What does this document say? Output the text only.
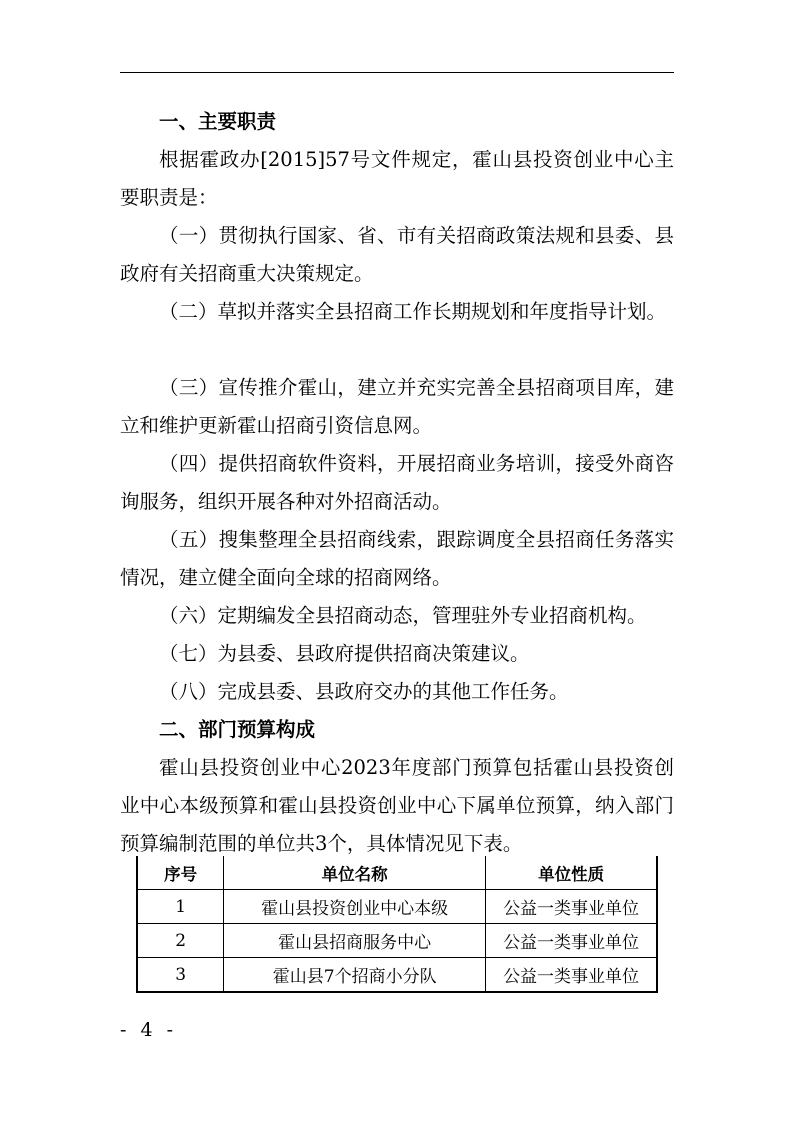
一、主要职责

根据霍政办[2015]57号文件规定，霍山县投资创业中心主要职责是：

（一）贯彻执行国家、省、市有关招商政策法规和县委、县政府有关招商重大决策规定。

（二）草拟并落实全县招商工作长期规划和年度指导计划。

（三）宣传推介霍山，建立并充实完善全县招商项目库，建立和维护更新霍山招商引资信息网。

（四）提供招商软件资料，开展招商业务培训，接受外商咨询服务，组织开展各种对外招商活动。

（五）搜集整理全县招商线索，跟踪调度全县招商任务落实情况，建立健全面向全球的招商网络。

（六）定期编发全县招商动态，管理驻外专业招商机构。

（七）为县委、县政府提供招商决策建议。

（八）完成县委、县政府交办的其他工作任务。

二、部门预算构成

霍山县投资创业中心2023年度部门预算包括霍山县投资创业中心本级预算和霍山县投资创业中心下属单位预算，纳入部门预算编制范围的单位共3个，具体情况见下表。

序号	单位名称	单位性质
1	霍山县投资创业中心本级	公益一类事业单位
2	霍山县招商服务中心	公益一类事业单位
3	霍山县7个招商小分队	公益一类事业单位
- 4 -
